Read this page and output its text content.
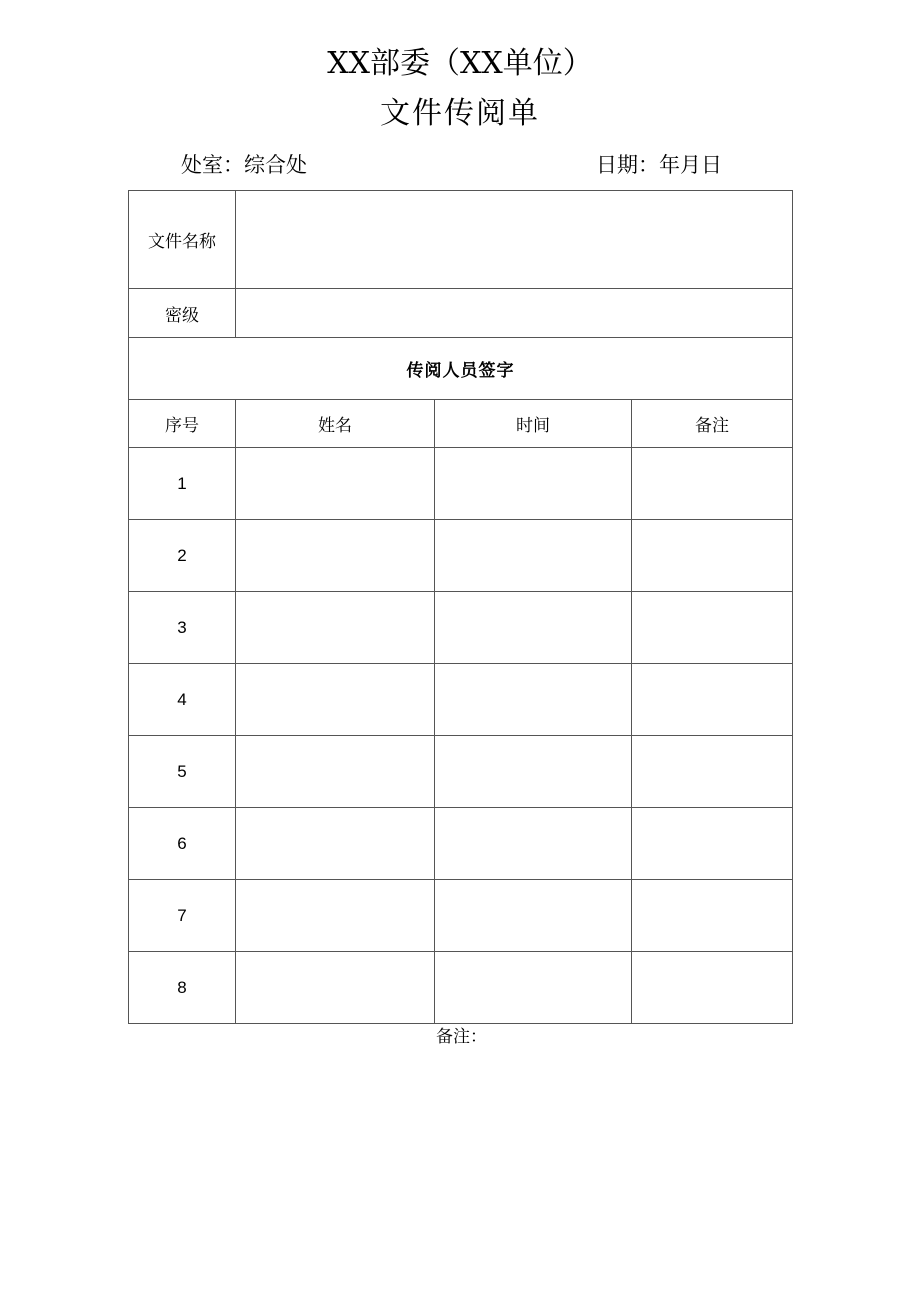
XX部委（XX单位）
文件传阅单
处室：综合处	日期：年月日
文件名称			
密级			
传阅人员签字			
序号	姓名	时间	备注
1			
2			
3			
4			
5			
6			
7			
8			
备注：
